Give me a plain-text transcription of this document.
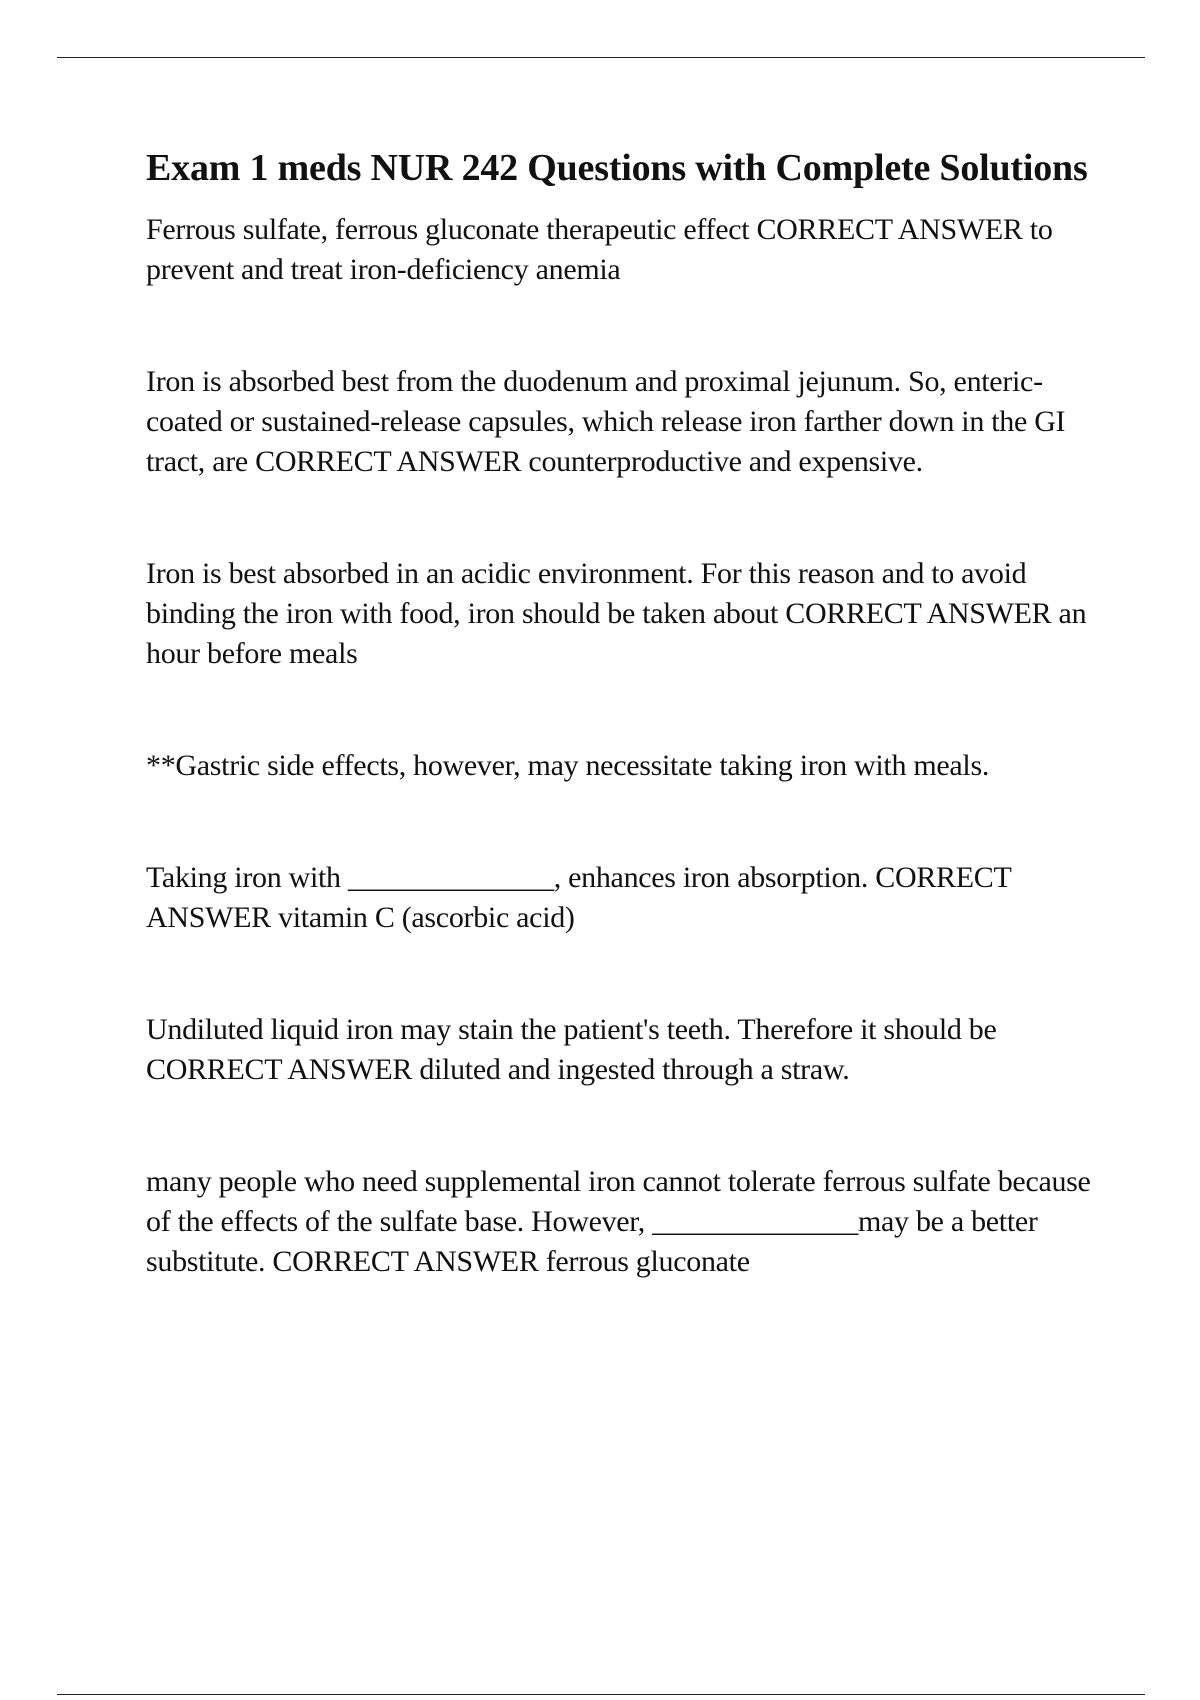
Exam 1 meds NUR 242 Questions with Complete Solutions

Ferrous sulfate, ferrous gluconate therapeutic effect CORRECT ANSWER to prevent and treat iron-deficiency anemia

Iron is absorbed best from the duodenum and proximal jejunum. So, enteric-coated or sustained-release capsules, which release iron farther down in the GI tract, are CORRECT ANSWER counterproductive and expensive.

Iron is best absorbed in an acidic environment. For this reason and to avoid binding the iron with food, iron should be taken about CORRECT ANSWER an hour before meals

**Gastric side effects, however, may necessitate taking iron with meals.

Taking iron with ______________, enhances iron absorption. CORRECT ANSWER vitamin C (ascorbic acid)

Undiluted liquid iron may stain the patient's teeth. Therefore it should be CORRECT ANSWER diluted and ingested through a straw.

many people who need supplemental iron cannot tolerate ferrous sulfate because of the effects of the sulfate base. However, ______________may be a better substitute. CORRECT ANSWER ferrous gluconate
